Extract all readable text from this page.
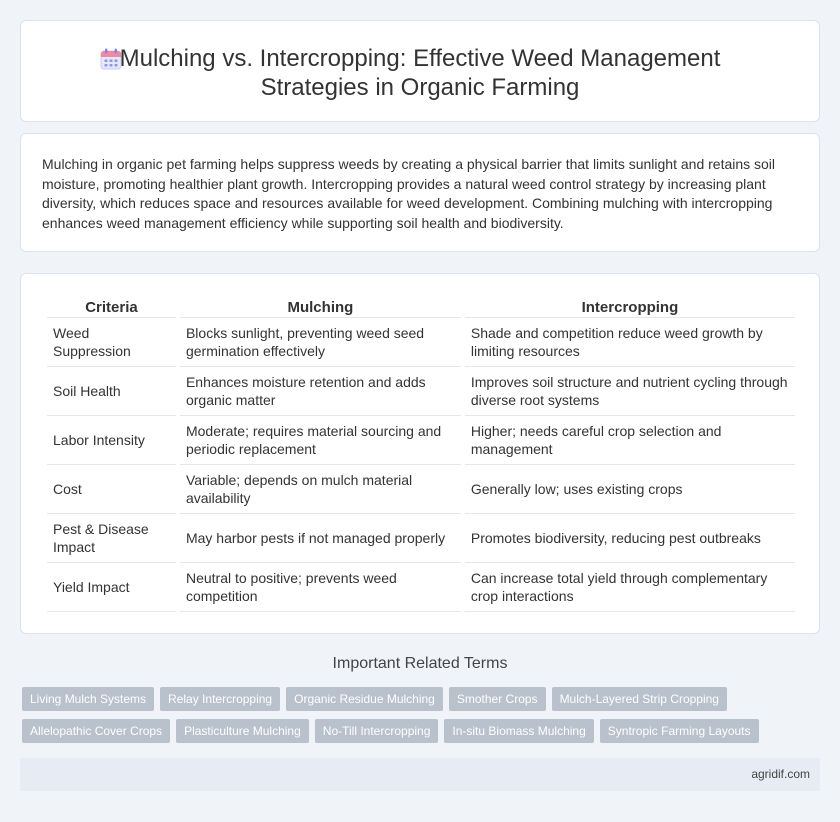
Mulching vs. Intercropping: Effective Weed Management Strategies in Organic Farming

Mulching in organic pet farming helps suppress weeds by creating a physical barrier that limits sunlight and retains soil moisture, promoting healthier plant growth. Intercropping provides a natural weed control strategy by increasing plant diversity, which reduces space and resources available for weed development. Combining mulching with intercropping enhances weed management efficiency while supporting soil health and biodiversity.

Criteria	Mulching	Intercropping
Weed Suppression	Blocks sunlight, preventing weed seed germination effectively	Shade and competition reduce weed growth by limiting resources
Soil Health	Enhances moisture retention and adds organic matter	Improves soil structure and nutrient cycling through diverse root systems
Labor Intensity	Moderate; requires material sourcing and periodic replacement	Higher; needs careful crop selection and management
Cost	Variable; depends on mulch material availability	Generally low; uses existing crops
Pest & Disease Impact	May harbor pests if not managed properly	Promotes biodiversity, reducing pest outbreaks
Yield Impact	Neutral to positive; prevents weed competition	Can increase total yield through complementary crop interactions
Important Related Terms
Living Mulch Systems	Relay Intercropping	Organic Residue Mulching	Smother Crops	Mulch-Layered Strip Cropping
Allelopathic Cover Crops	Plasticulture Mulching	No-Till Intercropping	In-situ Biomass Mulching	Syntropic Farming Layouts
agridif.com
